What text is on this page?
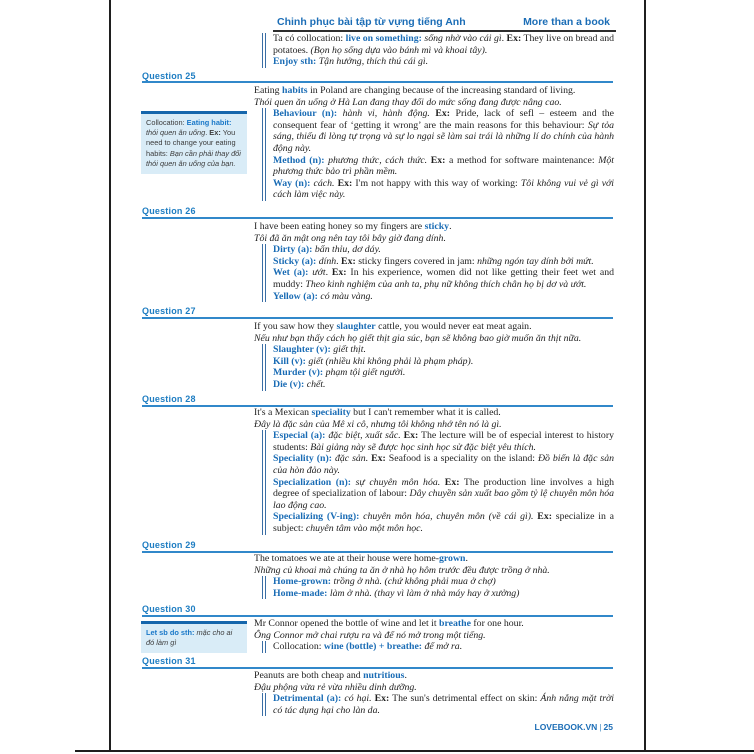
Chinh phục bài tập từ vựng tiếng Anh	More than a book

Ta có collocation: live on something: sống nhờ vào cái gì. Ex: They live on bread and potatoes. (Bọn họ sống dựa vào bánh mì và khoai tây).

Enjoy sth: Tận hưởng, thích thú cái gì.

Question 25

Eating habits in Poland are changing because of the increasing standard of living.

Thói quen ăn uống ở Hà Lan đang thay đổi do mức sống đang được nâng cao.

Behaviour (n): hành vi, hành động. Ex: Pride, lack of sefl – esteem and the consequent fear of ‘getting it wrong’ are the main reasons for this behaviour: Sự tỏa sáng, thiếu đi lòng tự trọng và sự lo ngại sẽ làm sai trái là những lí do chính của hành động này.

Method (n): phương thức, cách thức. Ex: a method for software maintenance: Một phương thức bảo trì phần mềm.

Way (n): cách. Ex: I'm not happy with this way of working: Tôi không vui vẻ gì với cách làm việc này.

Collocation: Eating habit: thói quen ăn uống. Ex: You need to change your eating habits: Bạn cần phải thay đổi thói quen ăn uống của bạn.
Question 26

I have been eating honey so my fingers are sticky.

Tôi đã ăn mật ong nên tay tôi bây giờ đang dính.

Dirty (a): bẩn thỉu, dơ dáy.

Sticky (a): dính. Ex: sticky fingers covered in jam: những ngón tay dính bởi mứt.

Wet (a): ướt. Ex: In his experience, women did not like getting their feet wet and muddy: Theo kinh nghiệm của anh ta, phụ nữ không thích chân họ bị dơ và ướt.

Yellow (a): có màu vàng.

Question 27

If you saw how they slaughter cattle, you would never eat meat again.

Nếu như bạn thấy cách họ giết thịt gia súc, bạn sẽ không bao giờ muốn ăn thịt nữa.

Slaughter (v): giết thịt.

Kill (v): giết (nhiều khi không phải là phạm pháp).

Murder (v): phạm tội giết người.

Die (v): chết.

Question 28

It's a Mexican speciality but I can't remember what it is called.

Đây là đặc sản của Mê xi cô, nhưng tôi không nhớ tên nó là gì.

Especial (a): đặc biệt, xuất sắc. Ex: The lecture will be of especial interest to history students: Bài giảng này sẽ được học sinh học sử đặc biệt yêu thích.

Speciality (n): đặc sản. Ex: Seafood is a speciality on the island: Đồ biển là đặc sản của hòn đảo này.

Specialization (n): sự chuyên môn hóa. Ex: The production line involves a high degree of specialization of labour: Dây chuyền sản xuất bao gồm tỷ lệ chuyên môn hóa lao động cao.

Specializing (V-ing): chuyên môn hóa, chuyên môn (về cái gì). Ex: specialize in a subject: chuyên tâm vào một môn học.

Question 29

The tomatoes we ate at their house were home-grown.

Những củ khoai mà chúng ta ăn ở nhà họ hôm trước đều được trồng ở nhà.

Home-grown: trồng ở nhà. (chứ không phải mua ở chợ)

Home-made: làm ở nhà. (thay vì làm ở nhà máy hay ở xưởng)

Question 30

Mr Connor opened the bottle of wine and let it breathe for one hour.

Ông Connor mở chai rượu ra và để nó mở trong một tiếng.

Collocation: wine (bottle) + breathe: để mở ra.

Let sb do sth: mặc cho ai đó làm gì
Question 31

Peanuts are both cheap and nutritious.

Đậu phộng vừa rẻ vừa nhiều dinh dưỡng.

Detrimental (a): có hại. Ex: The sun's detrimental effect on skin: Ánh nắng mặt trời có tác dụng hại cho làn da.

LOVEBOOK.VN | 25
